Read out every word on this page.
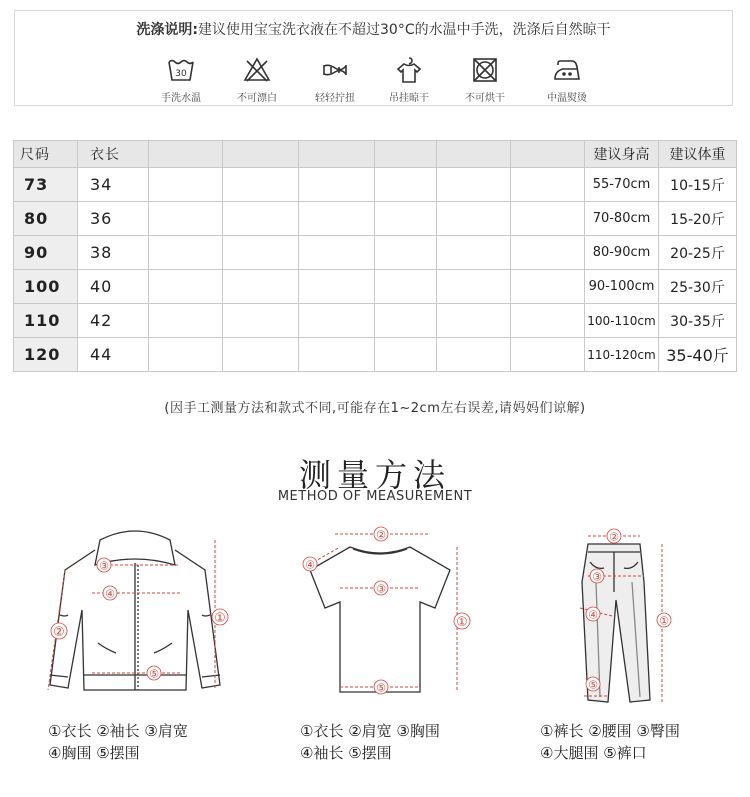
洗涤说明:建议使用宝宝洗衣液在不超过30°C的水温中手洗，洗涤后自然晾干
30
手洗水温	不可漂白	轻轻拧扭	吊挂晾干	不可烘干	中温熨烫
尺码	衣长							建议身高	建议体重
73	34							55-70cm	10-15斤
80	36							70-80cm	15-20斤
90	38							80-90cm	20-25斤
100	40							90-100cm	25-30斤
110	42							100-110cm	30-35斤
120	44							110-120cm	35-40斤
(因手工测量方法和款式不同,可能存在1~2cm左右误差,请妈妈们谅解)
测量方法
METHOD OF MEASUREMENT
③
④
⑤
①
②
②
③
⑤
①
④
②
③
④
⑤
①
①衣长 ②袖长 ③肩宽
④胸围 ⑤摆围
①衣长 ②肩宽 ③胸围
④袖长 ⑤摆围
①裤长 ②腰围 ③臀围
④大腿围 ⑤裤口
